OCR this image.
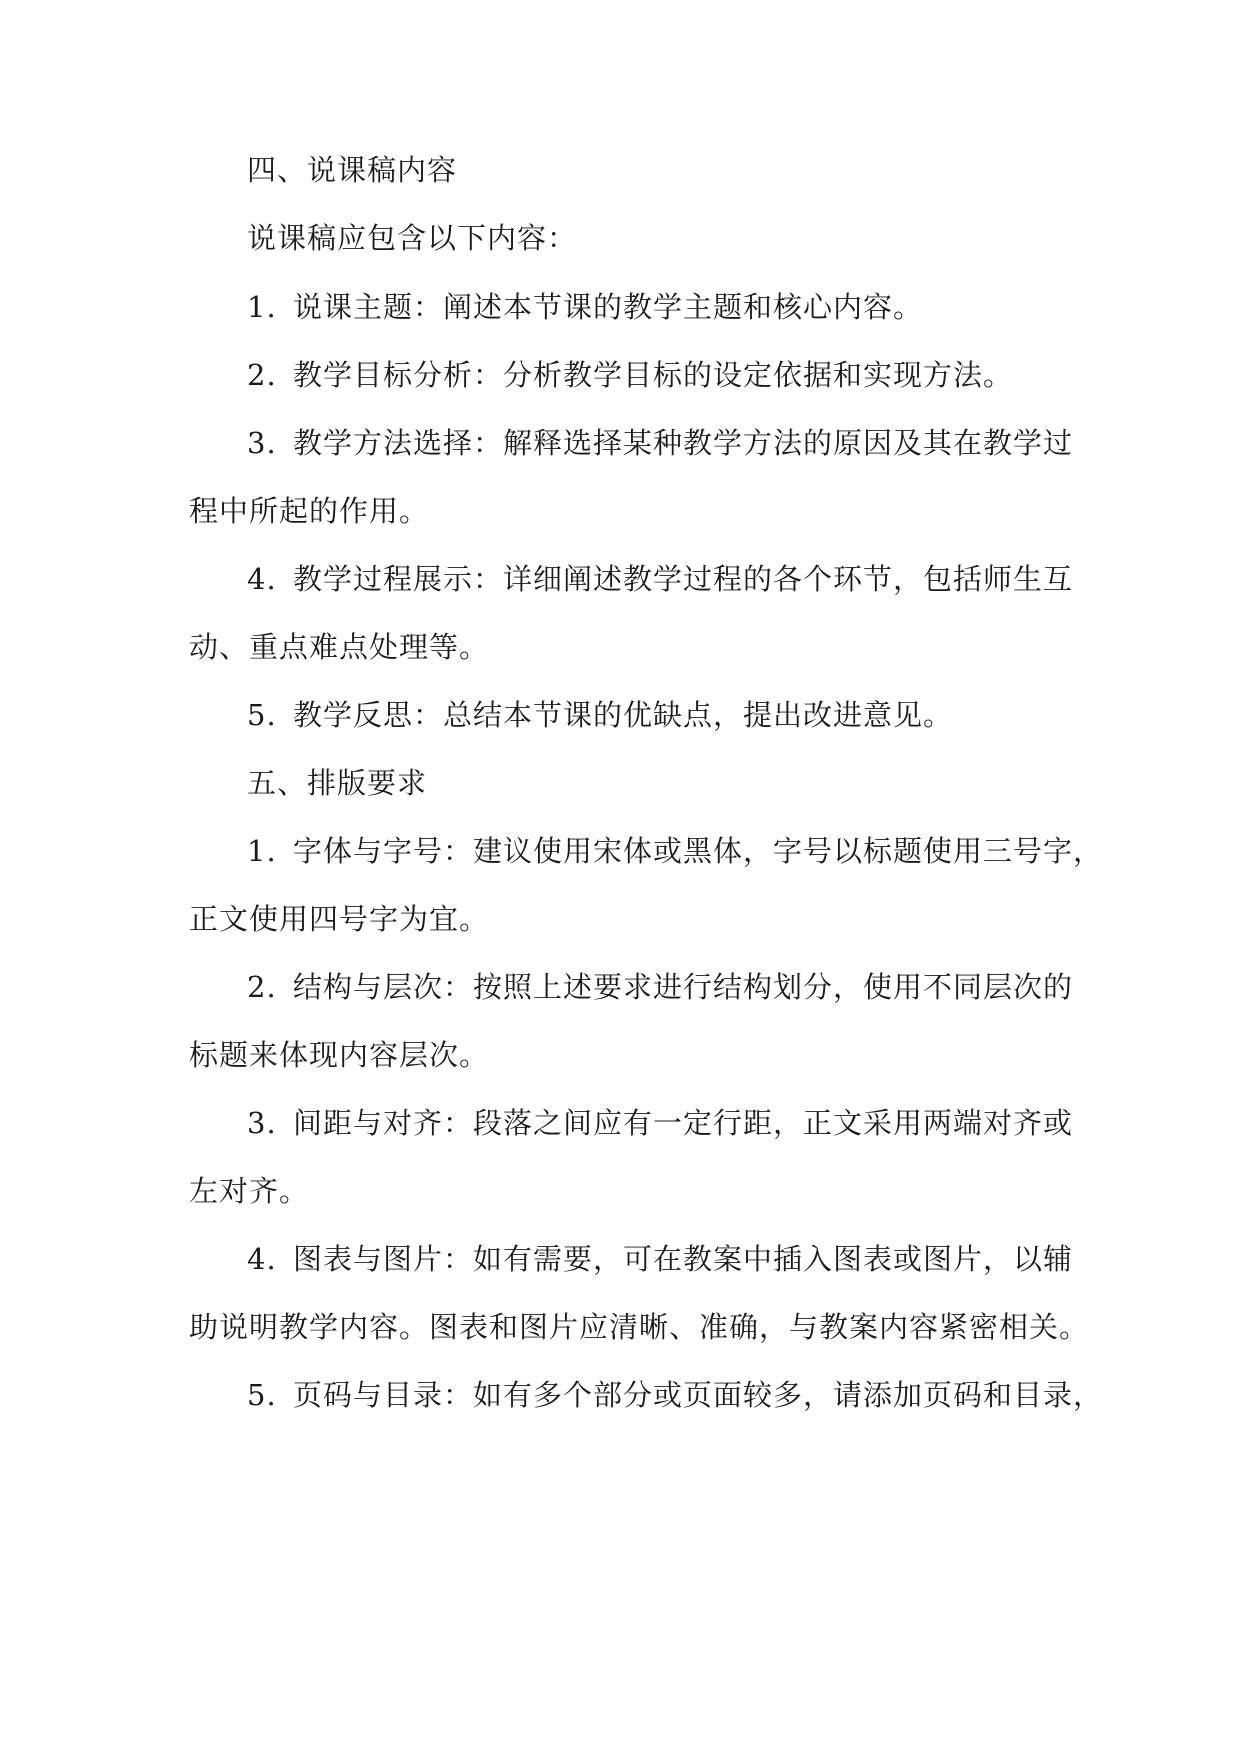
四、说课稿内容
说课稿应包含以下内容：
1. 说课主题：阐述本节课的教学主题和核心内容。
2. 教学目标分析：分析教学目标的设定依据和实现方法。
3. 教学方法选择：解释选择某种教学方法的原因及其在教学过
程中所起的作用。
4. 教学过程展示：详细阐述教学过程的各个环节，包括师生互
动、重点难点处理等。
5. 教学反思：总结本节课的优缺点，提出改进意见。
五、排版要求
1. 字体与字号：建议使用宋体或黑体，字号以标题使用三号字，
正文使用四号字为宜。
2. 结构与层次：按照上述要求进行结构划分，使用不同层次的
标题来体现内容层次。
3. 间距与对齐：段落之间应有一定行距，正文采用两端对齐或
左对齐。
4. 图表与图片：如有需要，可在教案中插入图表或图片，以辅
助说明教学内容。图表和图片应清晰、准确，与教案内容紧密相关。
5. 页码与目录：如有多个部分或页面较多，请添加页码和目录，
